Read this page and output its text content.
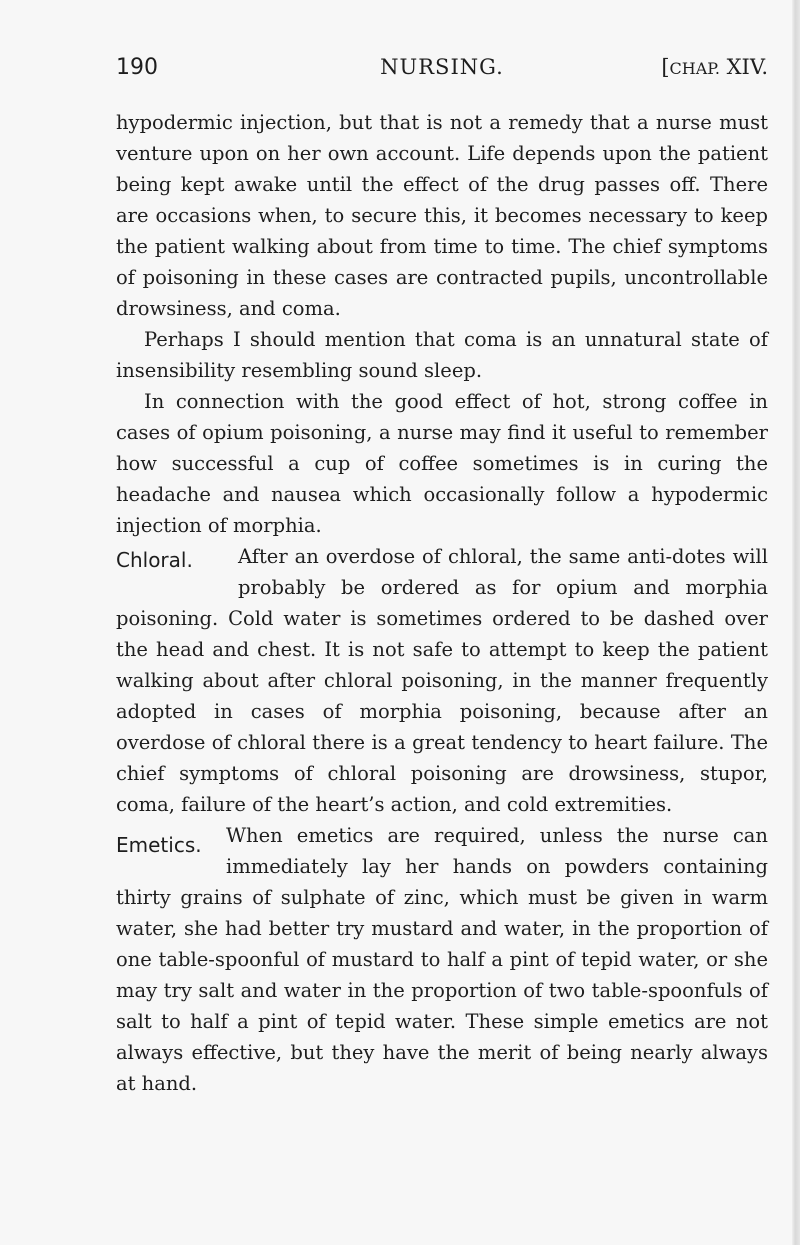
190	NURSING.	[CHAP. XIV.

hypodermic injection, but that is not a remedy that a nurse must venture upon on her own account. Life depends upon the patient being kept awake until the effect of the drug passes off. There are occasions when, to secure this, it becomes necessary to keep the patient walking about from time to time. The chief symptoms of poisoning in these cases are contracted pupils, uncontrollable drowsiness, and coma.

Perhaps I should mention that coma is an unnatural state of insensibility resembling sound sleep.

In connection with the good effect of hot, strong coffee in cases of opium poisoning, a nurse may find it useful to remember how successful a cup of coffee sometimes is in curing the headache and nausea which occasionally follow a hypodermic injection of morphia.

Chloral.	After an overdose of chloral, the same anti-dotes will probably be ordered as for opium and morphia poisoning. Cold water is sometimes ordered to be dashed over the head and chest. It is not safe to attempt to keep the patient walking about after chloral poisoning, in the manner frequently adopted in cases of morphia poisoning, because after an overdose of chloral there is a great tendency to heart failure. The chief symptoms of chloral poisoning are drowsiness, stupor, coma, failure of the heart’s action, and cold extremities.

Emetics.	When emetics are required, unless the nurse can immediately lay her hands on powders containing thirty grains of sulphate of zinc, which must be given in warm water, she had better try mustard and water, in the proportion of one table-spoonful of mustard to half a pint of tepid water, or she may try salt and water in the proportion of two table-spoonfuls of salt to half a pint of tepid water. These simple emetics are not always effective, but they have the merit of being nearly always at hand.
